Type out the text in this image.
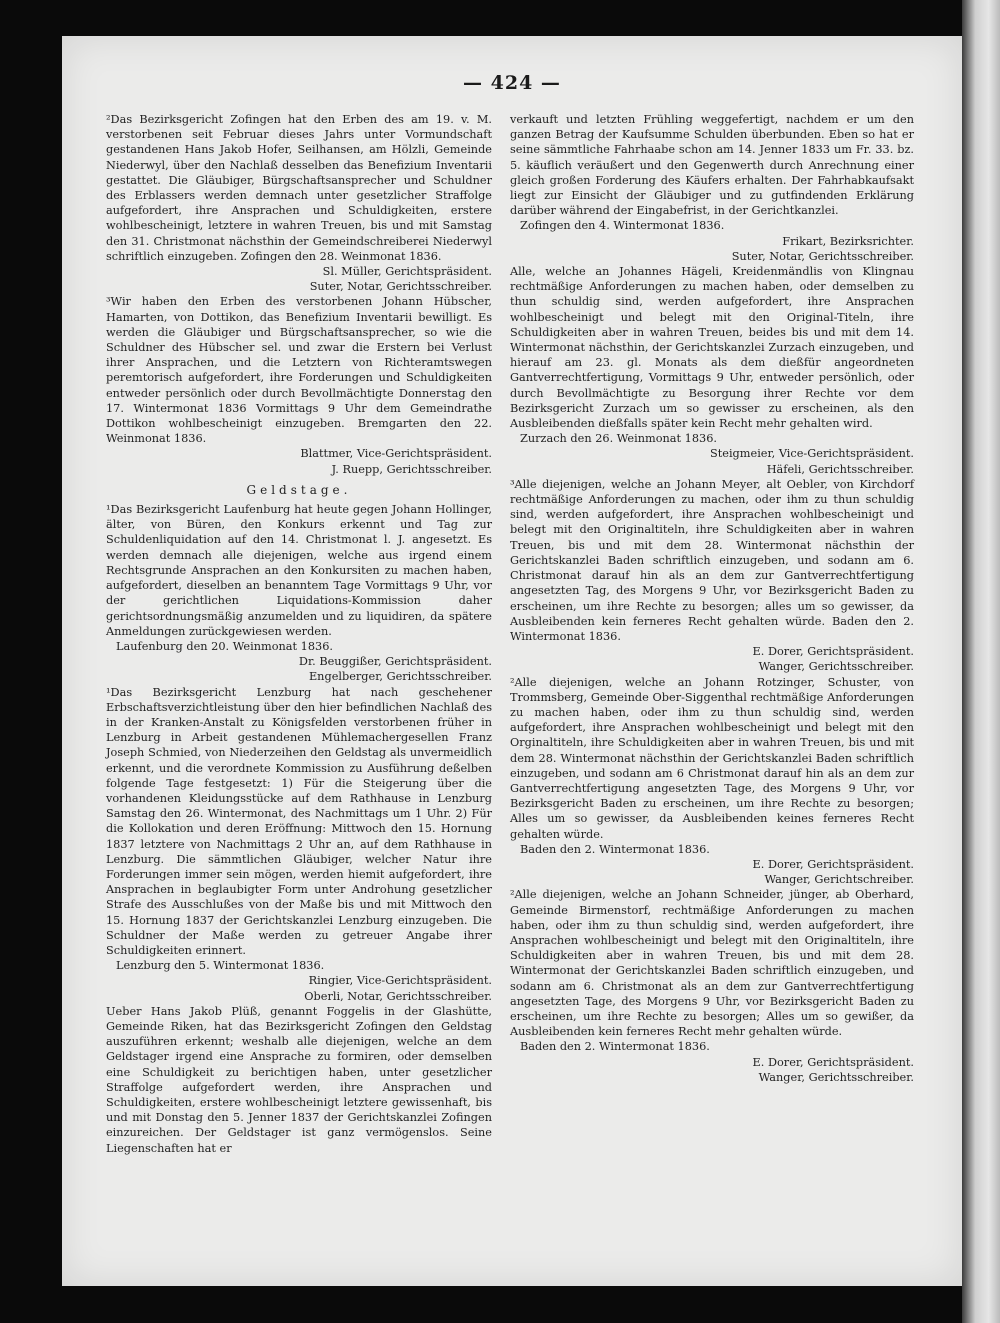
— 424 —

²Das Bezirksgericht Zofingen hat den Erben des am 19. v. M. verstorbenen seit Februar dieses Jahrs unter Vormundschaft gestandenen Hans Jakob Hofer, Seilhansen, am Hölzli, Gemeinde Niederwyl, über den Nachlaß desselben das Benefizium Inventarii gestattet. Die Gläubiger, Bürgschaftsansprecher und Schuldner des Erblassers werden demnach unter gesetzlicher Straffolge aufgefordert, ihre Ansprachen und Schuldigkeiten, erstere wohlbescheinigt, letztere in wahren Treuen, bis und mit Samstag den 31. Christmonat nächsthin der Gemeindschreiberei Niederwyl schriftlich einzugeben. Zofingen den 28. Weinmonat 1836.

Sl. Müller, Gerichtspräsident.
Suter, Notar, Gerichtsschreiber.

³Wir haben den Erben des verstorbenen Johann Hübscher, Hamarten, von Dottikon, das Benefizium Inventarii bewilligt. Es werden die Gläubiger und Bürgschaftsansprecher, so wie die Schuldner des Hübscher sel. und zwar die Erstern bei Verlust ihrer Ansprachen, und die Letztern von Richteramtswegen peremtorisch aufgefordert, ihre Forderungen und Schuldigkeiten entweder persönlich oder durch Bevollmächtigte Donnerstag den 17. Wintermonat 1836 Vormittags 9 Uhr dem Gemeindrathe Dottikon wohlbescheinigt einzugeben. Bremgarten den 22. Weinmonat 1836.

Blattmer, Vice-Gerichtspräsident.
J. Ruepp, Gerichtsschreiber.
Geldstage.

¹Das Bezirksgericht Laufenburg hat heute gegen Johann Hollinger, älter, von Büren, den Konkurs erkennt und Tag zur Schuldenliquidation auf den 14. Christmonat l. J. angesetzt. Es werden demnach alle diejenigen, welche aus irgend einem Rechtsgrunde Ansprachen an den Konkursiten zu machen haben, aufgefordert, dieselben an benanntem Tage Vormittags 9 Uhr, vor der gerichtlichen Liquidations-Kommission daher gerichtsordnungsmäßig anzumelden und zu liquidiren, da spätere Anmeldungen zurückgewiesen werden.

Laufenburg den 20. Weinmonat 1836.
Dr. Beuggißer, Gerichtspräsident.
Engelberger, Gerichtsschreiber.

¹Das Bezirksgericht Lenzburg hat nach geschehener Erbschaftsverzichtleistung über den hier befindlichen Nachlaß des in der Kranken-Anstalt zu Königsfelden verstorbenen früher in Lenzburg in Arbeit gestandenen Mühlemachergesellen Franz Joseph Schmied, von Niederzeihen den Geldstag als unvermeidlich erkennt, und die verordnete Kommission zu Ausführung deßelben folgende Tage festgesetzt: 1) Für die Steigerung über die vorhandenen Kleidungsstücke auf dem Rathhause in Lenzburg Samstag den 26. Wintermonat, des Nachmittags um 1 Uhr. 2) Für die Kollokation und deren Eröffnung: Mittwoch den 15. Hornung 1837 letztere von Nachmittags 2 Uhr an, auf dem Rathhause in Lenzburg. Die sämmtlichen Gläubiger, welcher Natur ihre Forderungen immer sein mögen, werden hiemit aufgefordert, ihre Ansprachen in beglaubigter Form unter Androhung gesetzlicher Strafe des Ausschlußes von der Maße bis und mit Mittwoch den 15. Hornung 1837 der Gerichtskanzlei Lenzburg einzugeben. Die Schuldner der Maße werden zu getreuer Angabe ihrer Schuldigkeiten erinnert.

Lenzburg den 5. Wintermonat 1836.
Ringier, Vice-Gerichtspräsident.
Oberli, Notar, Gerichtsschreiber.

Ueber Hans Jakob Plüß, genannt Foggelis in der Glashütte, Gemeinde Riken, hat das Bezirksgericht Zofingen den Geldstag auszuführen erkennt; weshalb alle diejenigen, welche an dem Geldstager irgend eine Ansprache zu formiren, oder demselben eine Schuldigkeit zu berichtigen haben, unter gesetzlicher Straffolge aufgefordert werden, ihre Ansprachen und Schuldigkeiten, erstere wohlbescheinigt letztere gewissenhaft, bis und mit Donstag den 5. Jenner 1837 der Gerichtskanzlei Zofingen einzureichen. Der Geldstager ist ganz vermögenslos. Seine Liegenschaften hat er

verkauft und letzten Frühling weggefertigt, nachdem er um den ganzen Betrag der Kaufsumme Schulden überbunden. Eben so hat er seine sämmtliche Fahrhaabe schon am 14. Jenner 1833 um Fr. 33. bz. 5. käuflich veräußert und den Gegenwerth durch Anrechnung einer gleich großen Forderung des Käufers erhalten. Der Fahrhabkaufsakt liegt zur Einsicht der Gläubiger und zu gutfindenden Erklärung darüber während der Eingabefrist, in der Gerichtkanzlei.

Zofingen den 4. Wintermonat 1836.
Frikart, Bezirksrichter.
Suter, Notar, Gerichtsschreiber.

Alle, welche an Johannes Hägeli, Kreidenmändlis von Klingnau rechtmäßige Anforderungen zu machen haben, oder demselben zu thun schuldig sind, werden aufgefordert, ihre Ansprachen wohlbescheinigt und belegt mit den Original-Titeln, ihre Schuldigkeiten aber in wahren Treuen, beides bis und mit dem 14. Wintermonat nächsthin, der Gerichtskanzlei Zurzach einzugeben, und hierauf am 23. gl. Monats als dem dießfür angeordneten Gantverrechtfertigung, Vormittags 9 Uhr, entweder persönlich, oder durch Bevollmächtigte zu Besorgung ihrer Rechte vor dem Bezirksgericht Zurzach um so gewisser zu erscheinen, als den Ausbleibenden dießfalls später kein Recht mehr gehalten wird.

Zurzach den 26. Weinmonat 1836.
Steigmeier, Vice-Gerichtspräsident.
Häfeli, Gerichtsschreiber.

³Alle diejenigen, welche an Johann Meyer, alt Oebler, von Kirchdorf rechtmäßige Anforderungen zu machen, oder ihm zu thun schuldig sind, werden aufgefordert, ihre Ansprachen wohlbescheinigt und belegt mit den Originaltiteln, ihre Schuldigkeiten aber in wahren Treuen, bis und mit dem 28. Wintermonat nächsthin der Gerichtskanzlei Baden schriftlich einzugeben, und sodann am 6. Christmonat darauf hin als an dem zur Gantverrechtfertigung angesetzten Tag, des Morgens 9 Uhr, vor Bezirksgericht Baden zu erscheinen, um ihre Rechte zu besorgen; alles um so gewisser, da Ausbleibenden kein ferneres Recht gehalten würde. Baden den 2. Wintermonat 1836.

E. Dorer, Gerichtspräsident.
Wanger, Gerichtsschreiber.

²Alle diejenigen, welche an Johann Rotzinger, Schuster, von Trommsberg, Gemeinde Ober-Siggenthal rechtmäßige Anforderungen zu machen haben, oder ihm zu thun schuldig sind, werden aufgefordert, ihre Ansprachen wohlbescheinigt und belegt mit den Orginaltiteln, ihre Schuldigkeiten aber in wahren Treuen, bis und mit dem 28. Wintermonat nächsthin der Gerichtskanzlei Baden schriftlich einzugeben, und sodann am 6 Christmonat darauf hin als an dem zur Gantverrechtfertigung angesetzten Tage, des Morgens 9 Uhr, vor Bezirksgericht Baden zu erscheinen, um ihre Rechte zu besorgen; Alles um so gewisser, da Ausbleibenden keines ferneres Recht gehalten würde.

Baden den 2. Wintermonat 1836.
E. Dorer, Gerichtspräsident.
Wanger, Gerichtschreiber.

²Alle diejenigen, welche an Johann Schneider, jünger, ab Oberhard, Gemeinde Birmenstorf, rechtmäßige Anforderungen zu machen haben, oder ihm zu thun schuldig sind, werden aufgefordert, ihre Ansprachen wohlbescheinigt und belegt mit den Originaltiteln, ihre Schuldigkeiten aber in wahren Treuen, bis und mit dem 28. Wintermonat der Gerichtskanzlei Baden schriftlich einzugeben, und sodann am 6. Christmonat als an dem zur Gantverrechtfertigung angesetzten Tage, des Morgens 9 Uhr, vor Bezirksgericht Baden zu erscheinen, um ihre Rechte zu besorgen; Alles um so gewißer, da Ausbleibenden kein ferneres Recht mehr gehalten würde.

Baden den 2. Wintermonat 1836.
E. Dorer, Gerichtspräsident.
Wanger, Gerichtsschreiber.
